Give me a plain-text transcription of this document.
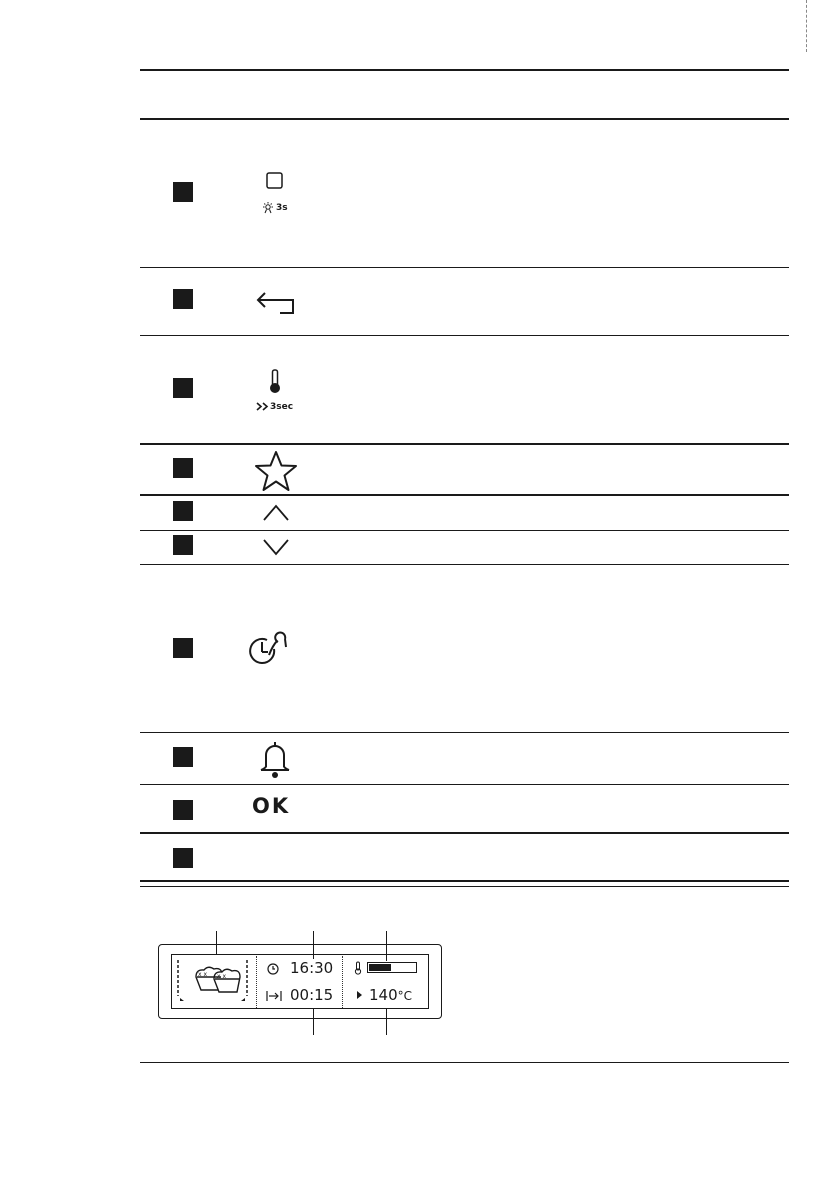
3s
3sec
OK
x x x x	16:30
00:15 140°C
